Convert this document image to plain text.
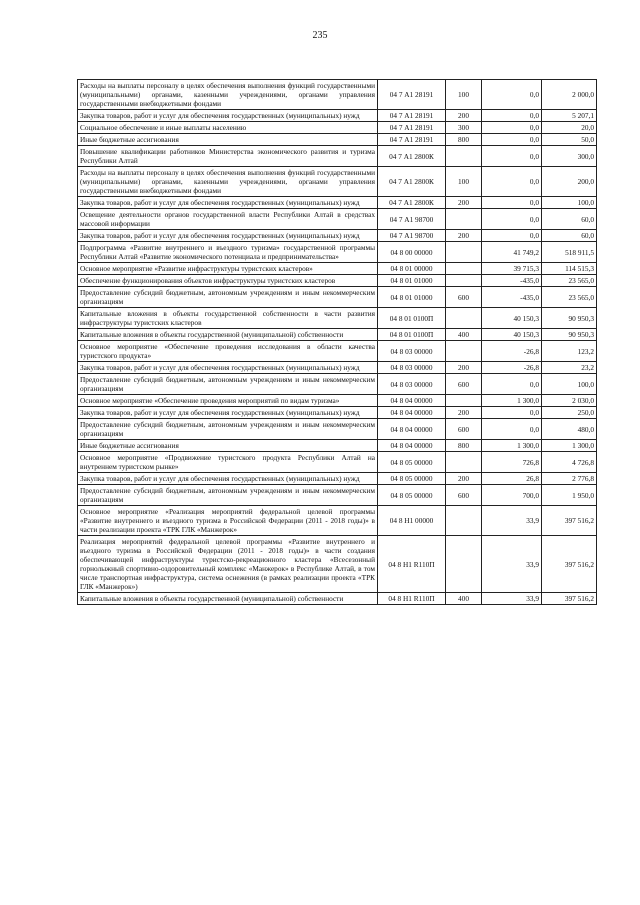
235
Расходы на выплаты персоналу в целях обеспечения выполнения функций государственными (муниципальными) органами, казенными учреждениями, органами управления государственными внебюджетными фондами	04 7 А1 28191	100	0,0	2 000,0
Закупка товаров, работ и услуг для обеспечения государственных (муниципальных) нужд	04 7 А1 28191	200	0,0	5 207,1
Социальное обеспечение и иные выплаты населению	04 7 А1 28191	300	0,0	20,0
Иные бюджетные ассигнования	04 7 А1 28191	800	0,0	50,0
Повышение квалификации работников Министерства экономического развития и туризма Республики Алтай	04 7 А1 2800К		0,0	300,0
Расходы на выплаты персоналу в целях обеспечения выполнения функций государственными (муниципальными) органами, казенными учреждениями, органами управления государственными внебюджетными фондами	04 7 А1 2800К	100	0,0	200,0
Закупка товаров, работ и услуг для обеспечения государственных (муниципальных) нужд	04 7 А1 2800К	200	0,0	100,0
Освещение деятельности органов государственной власти Республики Алтай в средствах массовой информации	04 7 А1 98700		0,0	60,0
Закупка товаров, работ и услуг для обеспечения государственных (муниципальных) нужд	04 7 А1 98700	200	0,0	60,0
Подпрограмма «Развитие внутреннего и въездного туризма» государственной программы Республики Алтай «Развитие экономического потенциала и предпринимательства»	04 8 00 00000		41 749,2	518 911,5
Основное мероприятие «Развитие инфраструктуры туристских кластеров»	04 8 01 00000		39 715,3	114 515,3
Обеспечение функционирования объектов инфраструктуры туристских кластеров	04 8 01 01000		-435,0	23 565,0
Предоставление субсидий бюджетным, автономным учреждениям и иным некоммерческим организациям	04 8 01 01000	600	-435,0	23 565,0
Капитальные вложения в объекты государственной собственности в части развития инфраструктуры туристских кластеров	04 8 01 0100П		40 150,3	90 950,3
Капитальные вложения в объекты государственной (муниципальной) собственности	04 8 01 0100П	400	40 150,3	90 950,3
Основное мероприятие «Обеспечение проведения исследования в области качества туристского продукта»	04 8 03 00000		-26,8	123,2
Закупка товаров, работ и услуг для обеспечения государственных (муниципальных) нужд	04 8 03 00000	200	-26,8	23,2
Предоставление субсидий бюджетным, автономным учреждениям и иным некоммерческим организациям	04 8 03 00000	600	0,0	100,0
Основное мероприятие «Обеспечение проведения мероприятий по видам туризма»	04 8 04 00000		1 300,0	2 030,0
Закупка товаров, работ и услуг для обеспечения государственных (муниципальных) нужд	04 8 04 00000	200	0,0	250,0
Предоставление субсидий бюджетным, автономным учреждениям и иным некоммерческим организациям	04 8 04 00000	600	0,0	480,0
Иные бюджетные ассигнования	04 8 04 00000	800	1 300,0	1 300,0
Основное мероприятие «Продвижение туристского продукта Республики Алтай на внутреннем туристском рынке»	04 8 05 00000		726,8	4 726,8
Закупка товаров, работ и услуг для обеспечения государственных (муниципальных) нужд	04 8 05 00000	200	26,8	2 776,8
Предоставление субсидий бюджетным, автономным учреждениям и иным некоммерческим организациям	04 8 05 00000	600	700,0	1 950,0
Основное мероприятие «Реализация мероприятий федеральной целевой программы «Развитие внутреннего и въездного туризма в Российской Федерации (2011 - 2018 годы)» в части реализации проекта «ТРК ГЛК «Манжерок»	04 8 Н1 00000		33,9	397 516,2
Реализация мероприятий федеральной целевой программы «Развитие внутреннего и въездного туризма в Российской Федерации (2011 - 2018 годы)» в части создания обеспечивающей инфраструктуры туристско-рекреационного кластера «Всесезонный горнолыжный спортивно-оздоровительный комплекс «Манжерок» в Республике Алтай, в том числе транспортная инфраструктура, система оснежения (в рамках реализации проекта «ТРК ГЛК «Манжерок»)	04 8 Н1 R110П		33,9	397 516,2
Капитальные вложения в объекты государственной (муниципальной) собственности	04 8 Н1 R110П	400	33,9	397 516,2
